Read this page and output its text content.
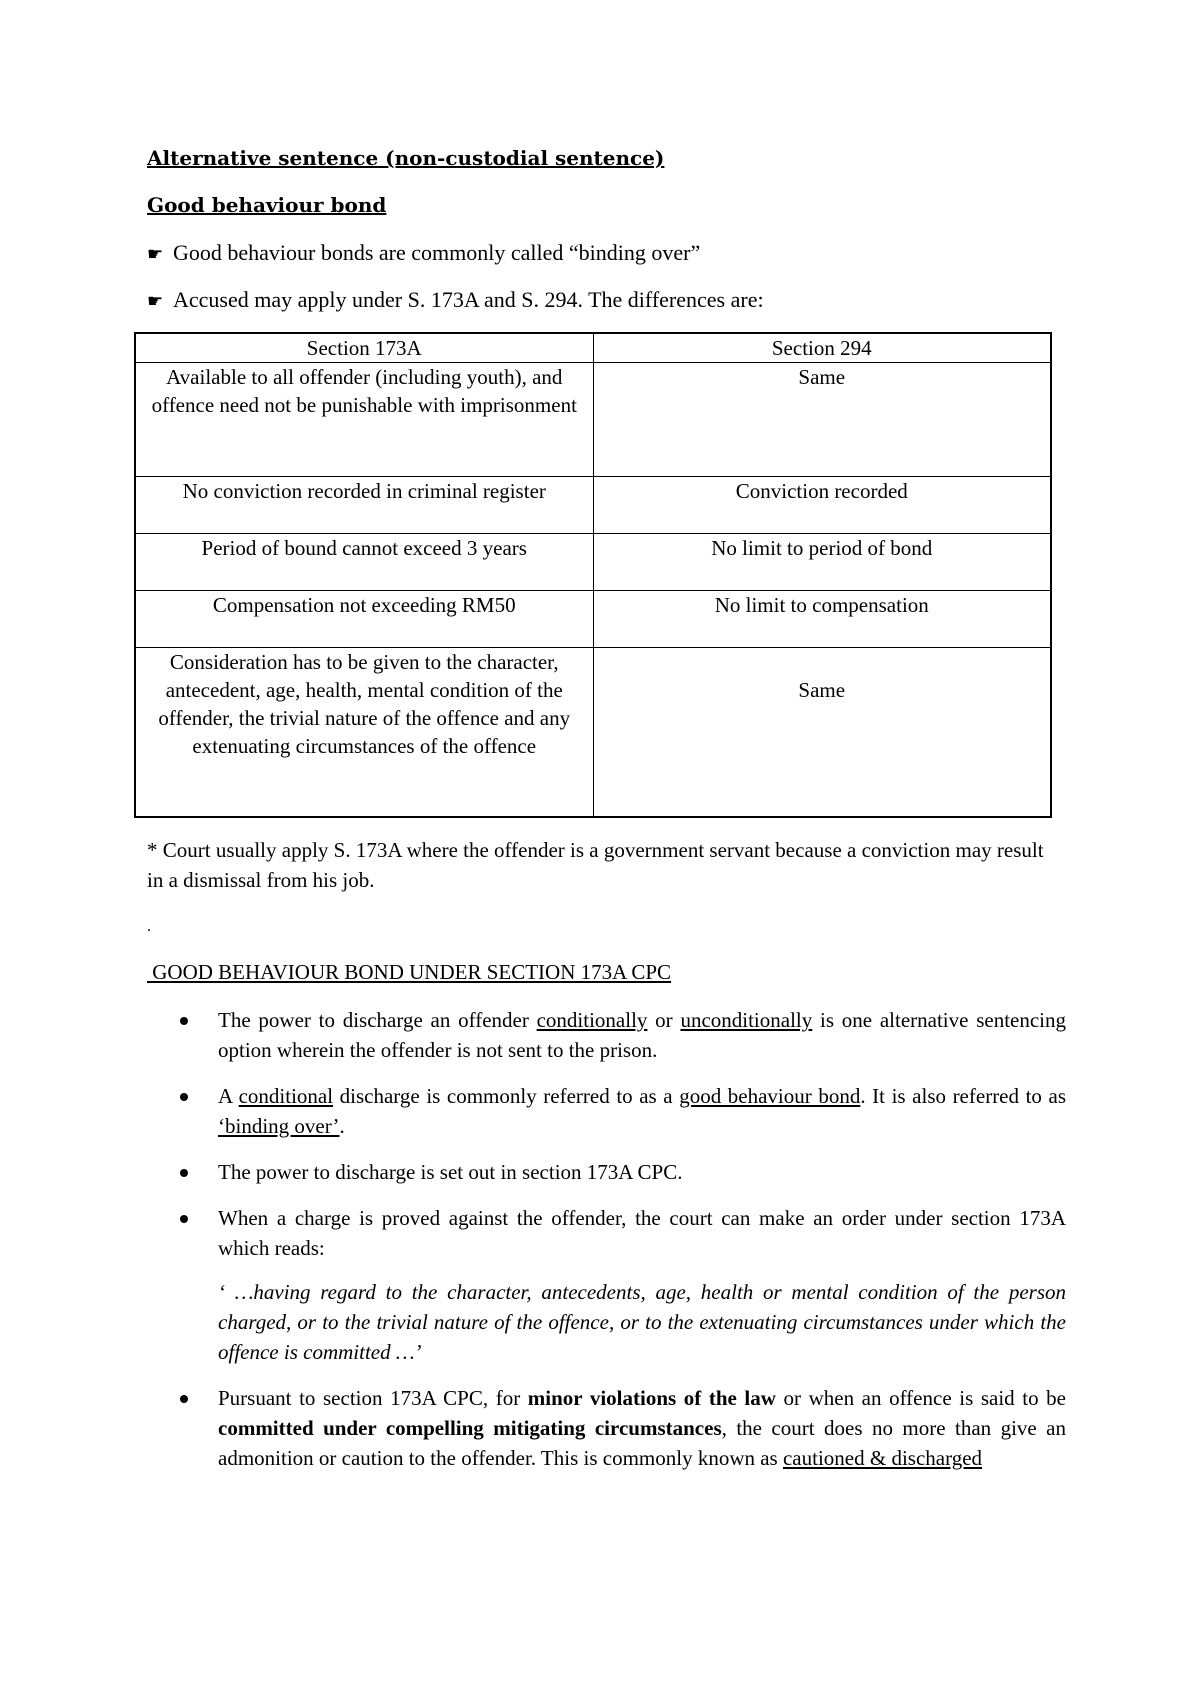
Alternative sentence (non-custodial sentence)
Good behaviour bond
☛ Good behaviour bonds are commonly called “binding over”
☛ Accused may apply under S. 173A and S. 294. The differences are:
Section 173A	Section 294
Available to all offender (including youth), and offence need not be punishable with imprisonment	Same
No conviction recorded in criminal register	Conviction recorded
Period of bound cannot exceed 3 years	No limit to period of bond
Compensation not exceeding RM50	No limit to compensation
Consideration has to be given to the character, antecedent, age, health, mental condition of the offender, the trivial nature of the offence and any extenuating circumstances of the offence	Same
* Court usually apply S. 173A where the offender is a government servant because a conviction may result in a dismissal from his job.
.
GOOD BEHAVIOUR BOND UNDER SECTION 173A CPC
The power to discharge an offender conditionally or unconditionally is one alternative sentencing option wherein the offender is not sent to the prison.
A conditional discharge is commonly referred to as a good behaviour bond. It is also referred to as ‘binding over’.
The power to discharge is set out in section 173A CPC.
When a charge is proved against the offender, the court can make an order under section 173A which reads:
‘ …having regard to the character, antecedents, age, health or mental condition of the person charged, or to the trivial nature of the offence, or to the extenuating circumstances under which the offence is committed …’
Pursuant to section 173A CPC, for minor violations of the law or when an offence is said to be committed under compelling mitigating circumstances, the court does no more than give an admonition or caution to the offender. This is commonly known as cautioned & discharged
